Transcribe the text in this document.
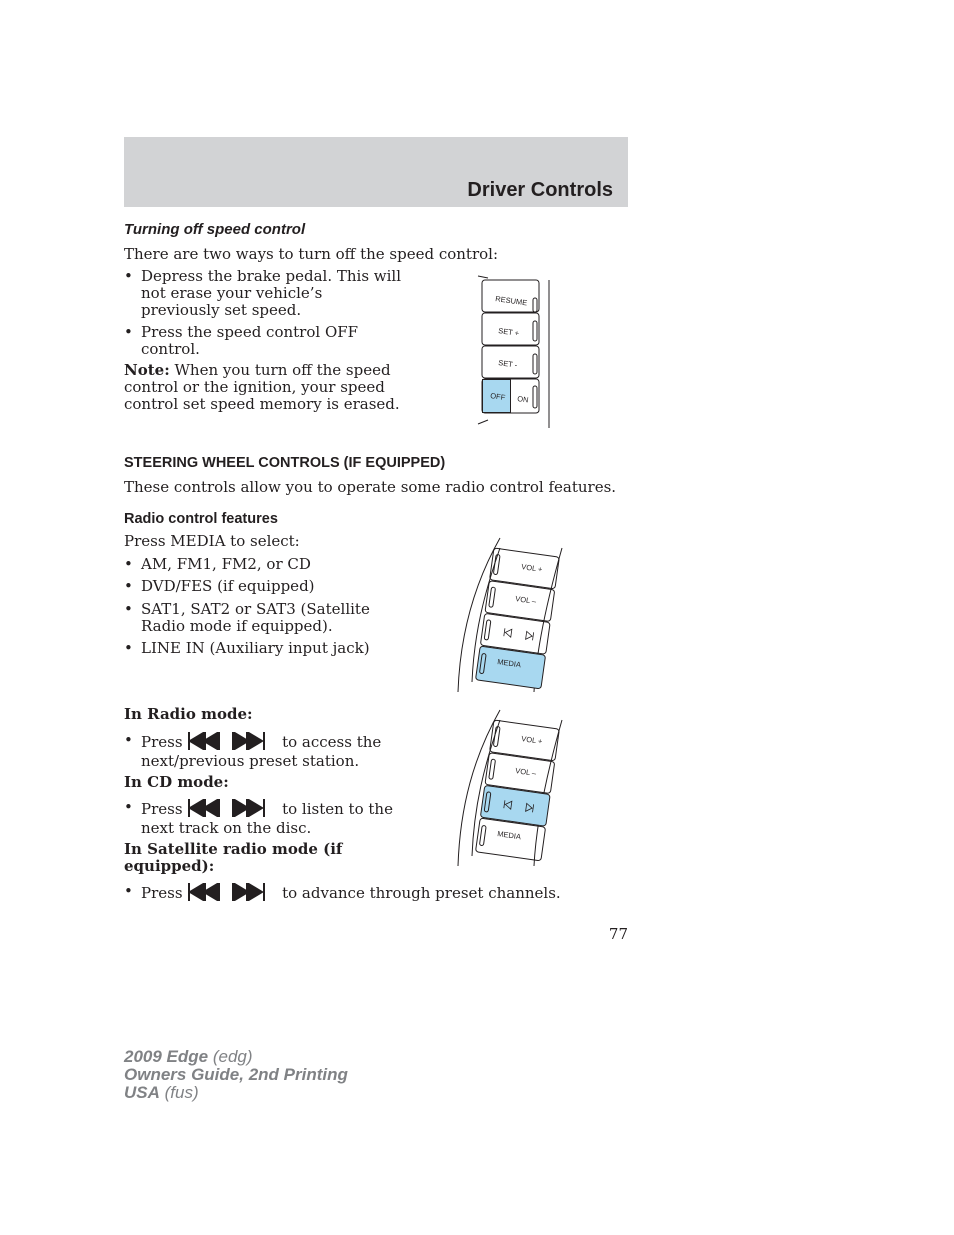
Driver Controls
Turning off speed control
There are two ways to turn off the speed control:
• Depress the brake pedal. This will
not erase your vehicle’s
previously set speed.
• Press the speed control OFF
control.
Note: When you turn off the speed
control or the ignition, your speed
control set speed memory is erased.
RESUME
SET +
SET -
OFF ON
STEERING WHEEL CONTROLS (IF EQUIPPED)
These controls allow you to operate some radio control features.
Radio control features
Press MEDIA to select:
• AM, FM1, FM2, or CD
• DVD/FES (if equipped)
• SAT1, SAT2 or SAT3 (Satellite
Radio mode if equipped).
• LINE IN (Auxiliary input jack)
VOL +
VOL –
MEDIA
In Radio mode:
• Press	to access the
next/previous preset station.
In CD mode:
• Press	to listen to the
next track on the disc.
In Satellite radio mode (if
equipped):
• Press	to advance through preset channels.
VOL +
VOL –
MEDIA
77
2009 Edge (edg)
Owners Guide, 2nd Printing
USA (fus)
